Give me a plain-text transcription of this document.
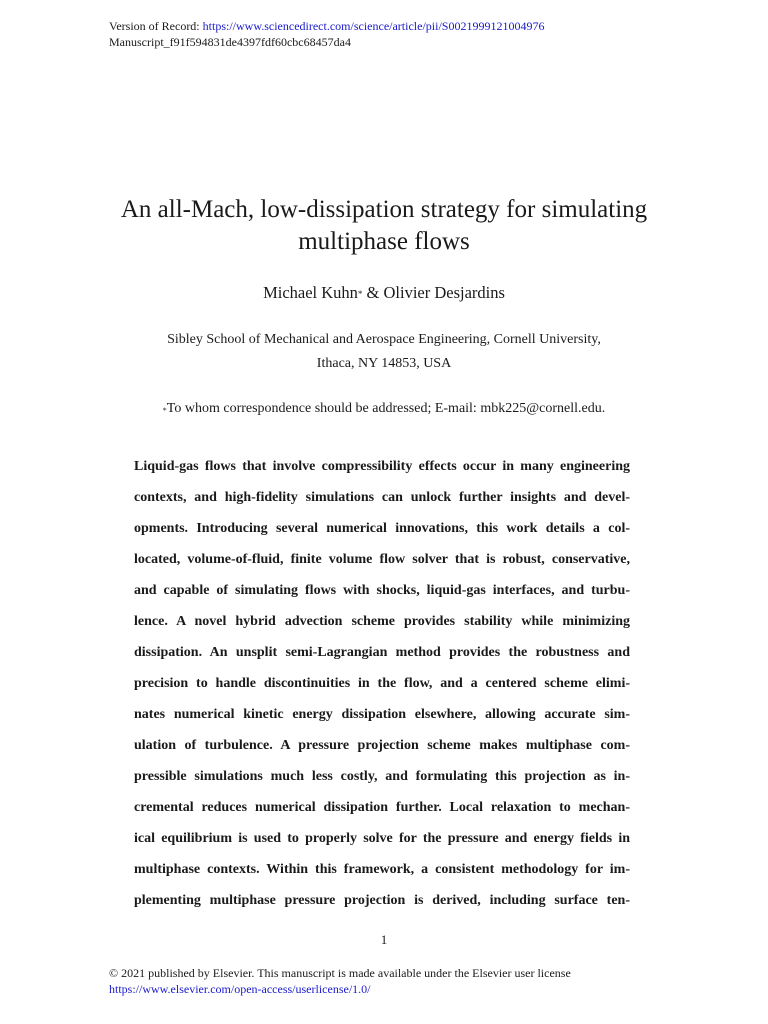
Version of Record: https://www.sciencedirect.com/science/article/pii/S0021999121004976
Manuscript_f91f594831de4397fdf60cbc68457da4
An all-Mach, low-dissipation strategy for simulating
multiphase flows
Michael Kuhn* & Olivier Desjardins
Sibley School of Mechanical and Aerospace Engineering, Cornell University,
Ithaca, NY 14853, USA
*To whom correspondence should be addressed; E-mail: mbk225@cornell.edu.
Liquid-gas flows that involve compressibility effects occur in many engineering
contexts, and high-fidelity simulations can unlock further insights and devel-
opments. Introducing several numerical innovations, this work details a col-
located, volume-of-fluid, finite volume flow solver that is robust, conservative,
and capable of simulating flows with shocks, liquid-gas interfaces, and turbu-
lence. A novel hybrid advection scheme provides stability while minimizing
dissipation. An unsplit semi-Lagrangian method provides the robustness and
precision to handle discontinuities in the flow, and a centered scheme elimi-
nates numerical kinetic energy dissipation elsewhere, allowing accurate sim-
ulation of turbulence. A pressure projection scheme makes multiphase com-
pressible simulations much less costly, and formulating this projection as in-
cremental reduces numerical dissipation further. Local relaxation to mechan-
ical equilibrium is used to properly solve for the pressure and energy fields in
multiphase contexts. Within this framework, a consistent methodology for im-
plementing multiphase pressure projection is derived, including surface ten-
1
© 2021 published by Elsevier. This manuscript is made available under the Elsevier user license
https://www.elsevier.com/open-access/userlicense/1.0/
